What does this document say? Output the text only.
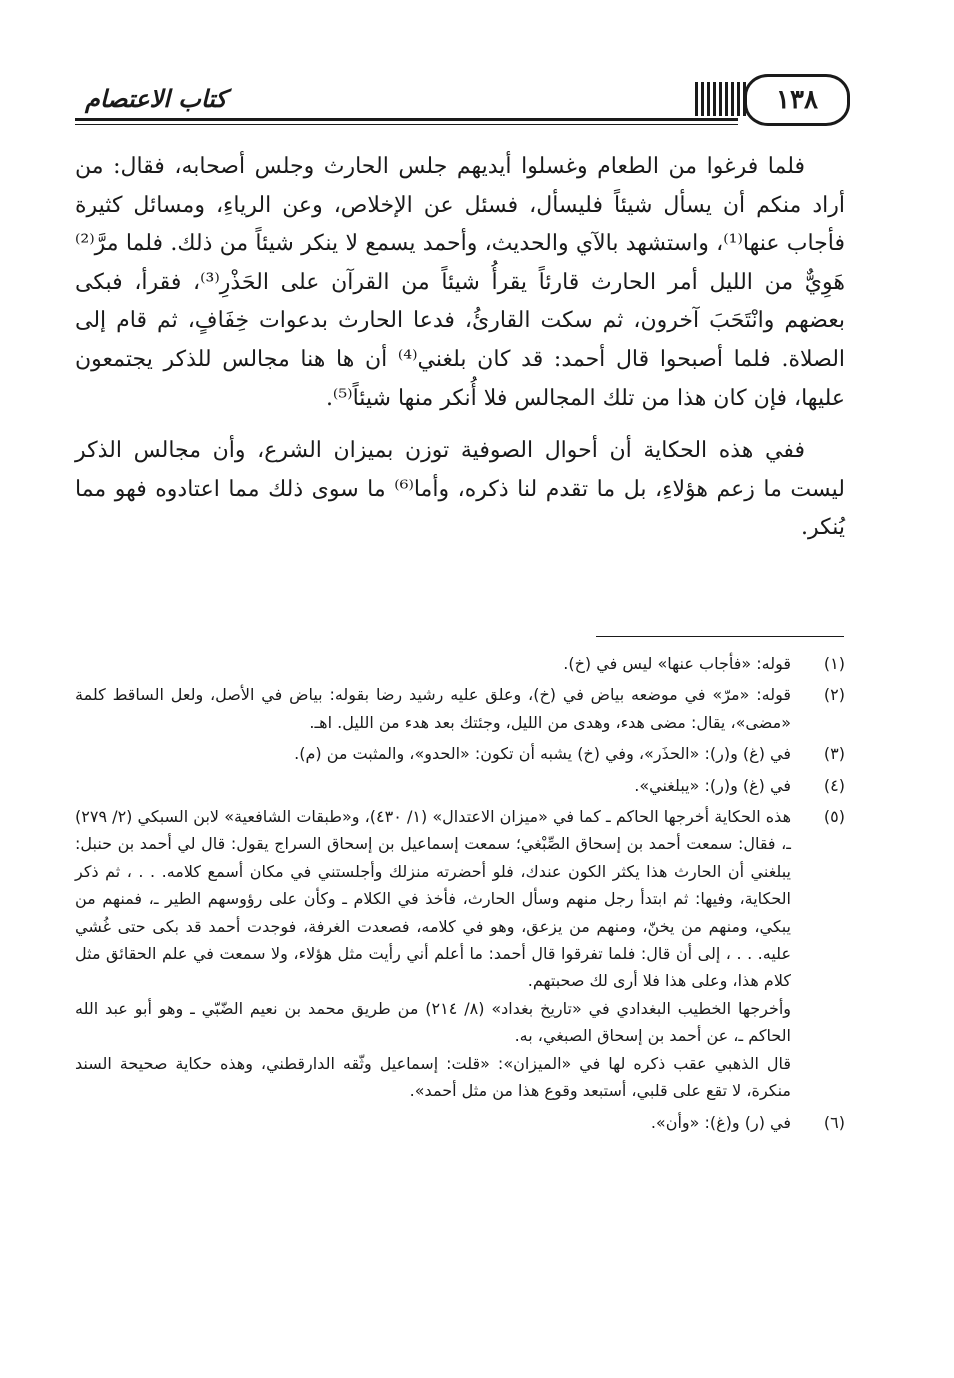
كتاب الاعتصام	١٣٨

فلما فرغوا من الطعام وغسلوا أيديهم جلس الحارث وجلس أصحابه، فقال: من أراد منكم أن يسأل شيئاً فليسأل، فسئل عن الإخلاص، وعن الرياءِ، ومسائل كثيرة فأجاب عنها⁽¹⁾، واستشهد بالآي والحديث، وأحمد يسمع لا ينكر شيئاً من ذلك. فلما مرَّ⁽²⁾ هَوِيٌّ من الليل أمر الحارث قارئاً يقرأُ شيئاً من القرآن على الحَذْرِ⁽³⁾، فقرأ، فبكى بعضهم وانْتَحَبَ آخرون، ثم سكت القارئُ، فدعا الحارث بدعوات خِفَافٍ، ثم قام إلى الصلاة. فلما أصبحوا قال أحمد: قد كان بلغني⁽⁴⁾ أن ها هنا مجالس للذكر يجتمعون عليها، فإن كان هذا من تلك المجالس فلا أُنكر منها شيئاً⁽⁵⁾.

ففي هذه الحكاية أن أحوال الصوفية توزن بميزان الشرع، وأن مجالس الذكر ليست ما زعم هؤلاءِ، بل ما تقدم لنا ذكره، وأما⁽⁶⁾ ما سوى ذلك مما اعتادوه فهو مما يُنكر.

(١)
قوله: «فأجاب عنها» ليس في (خ).
(٢)
قوله: «مرّ» في موضعه بياض في (خ)، وعلق عليه رشيد رضا بقوله: بياض في الأصل، ولعل الساقط كلمة «مضى»، يقال: مضى هدء، وهدى من الليل، وجئتك بعد هدء من الليل. اهـ.
(٣)
في (غ) و(ر): «الحذَر»، وفي (خ) يشبه أن تكون: «الحدو»، والمثبت من (م).
(٤)
في (غ) و(ر): «يبلغني».
(٥)
هذه الحكاية أخرجها الحاكم ـ كما في «ميزان الاعتدال» (١/ ٤٣٠)، و«طبقات الشافعية» لابن السبكي (٢/ ٢٧٩) ـ، فقال: سمعت أحمد بن إسحاق الصِّبْغي؛ سمعت إسماعيل بن إسحاق السراج يقول: قال لي أحمد بن حنبل: يبلغني أن الحارث هذا يكثر الكون عندك، فلو أحضرته منزلك وأجلستني في مكان أسمع كلامه. . . ، ثم ذكر الحكاية، وفيها: ثم ابتدأ رجل منهم وسأل الحارث، فأخذ في الكلام ـ وكأن على رؤوسهم الطير ـ، فمنهم من يبكي، ومنهم من يخنّ، ومنهم من يزعق، وهو في كلامه، فصعدت الغرفة، فوجدت أحمد قد بكى حتى غُشي عليه. . . ، إلى أن قال: فلما تفرقوا قال أحمد: ما أعلم أني رأيت مثل هؤلاء، ولا سمعت في علم الحقائق مثل كلام هذا، وعلى هذا فلا أرى لك صحبتهم.
وأخرجها الخطيب البغدادي في «تاريخ بغداد» (٨/ ٢١٤) من طريق محمد بن نعيم الضّبّي ـ وهو أبو عبد الله الحاكم ـ، عن أحمد بن إسحاق الصبغي، به.
قال الذهبي عقب ذكره لها في «الميزان»: «قلت: إسماعيل وثّقه الدارقطني، وهذه حكاية صحيحة السند منكرة، لا تقع على قلبي، أستبعد وقوع هذا من مثل أحمد».
(٦)
في (ر) و(غ): «وأن».
